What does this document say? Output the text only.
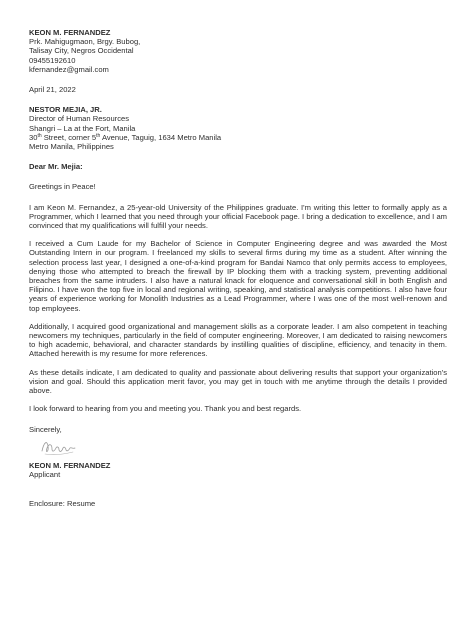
KEON M. FERNANDEZ
Prk. Mahigugmaon, Brgy. Bubog,
Talisay City, Negros Occidental
09455192610
kfernandez@gmail.com
April 21, 2022
NESTOR MEJIA, JR.
Director of Human Resources
Shangri – La at the Fort, Manila
30th Street, corner 5th Avenue, Taguig, 1634 Metro Manila
Metro Manila, Philippines
Dear Mr. Mejia:
Greetings in Peace!

I am Keon M. Fernandez, a 25-year-old University of the Philippines graduate. I'm writing this letter to formally apply as a Programmer, which I learned that you need through your official Facebook page. I bring a dedication to excellence, and I am convinced that my qualifications will fulfill your needs.

I received a Cum Laude for my Bachelor of Science in Computer Engineering degree and was awarded the Most Outstanding Intern in our program. I freelanced my skills to several firms during my time as a student. After winning the selection process last year, I designed a one-of-a-kind program for Bandai Namco that only permits access to employees, denying those who attempted to breach the firewall by IP blocking them with a tracking system, preventing additional breaches from the same intruders. I also have a natural knack for eloquence and conversational skill in both English and Filipino. I have won the top five in local and regional writing, speaking, and statistical analysis competitions. I also have four years of experience working for Monolith Industries as a Lead Programmer, where I was one of the most well-renown and top employees.

Additionally, I acquired good organizational and management skills as a corporate leader. I am also competent in teaching newcomers my techniques, particularly in the field of computer engineering. Moreover, I am dedicated to raising newcomers to high academic, behavioral, and character standards by instilling qualities of discipline, efficiency, and tenacity in them. Attached herewith is my resume for more references.

As these details indicate, I am dedicated to quality and passionate about delivering results that support your organization's vision and goal. Should this application merit favor, you may get in touch with me anytime through the details I provided above.

I look forward to hearing from you and meeting you. Thank you and best regards.

Sincerely,
KEON M. FERNANDEZ
Applicant
Enclosure: Resume
